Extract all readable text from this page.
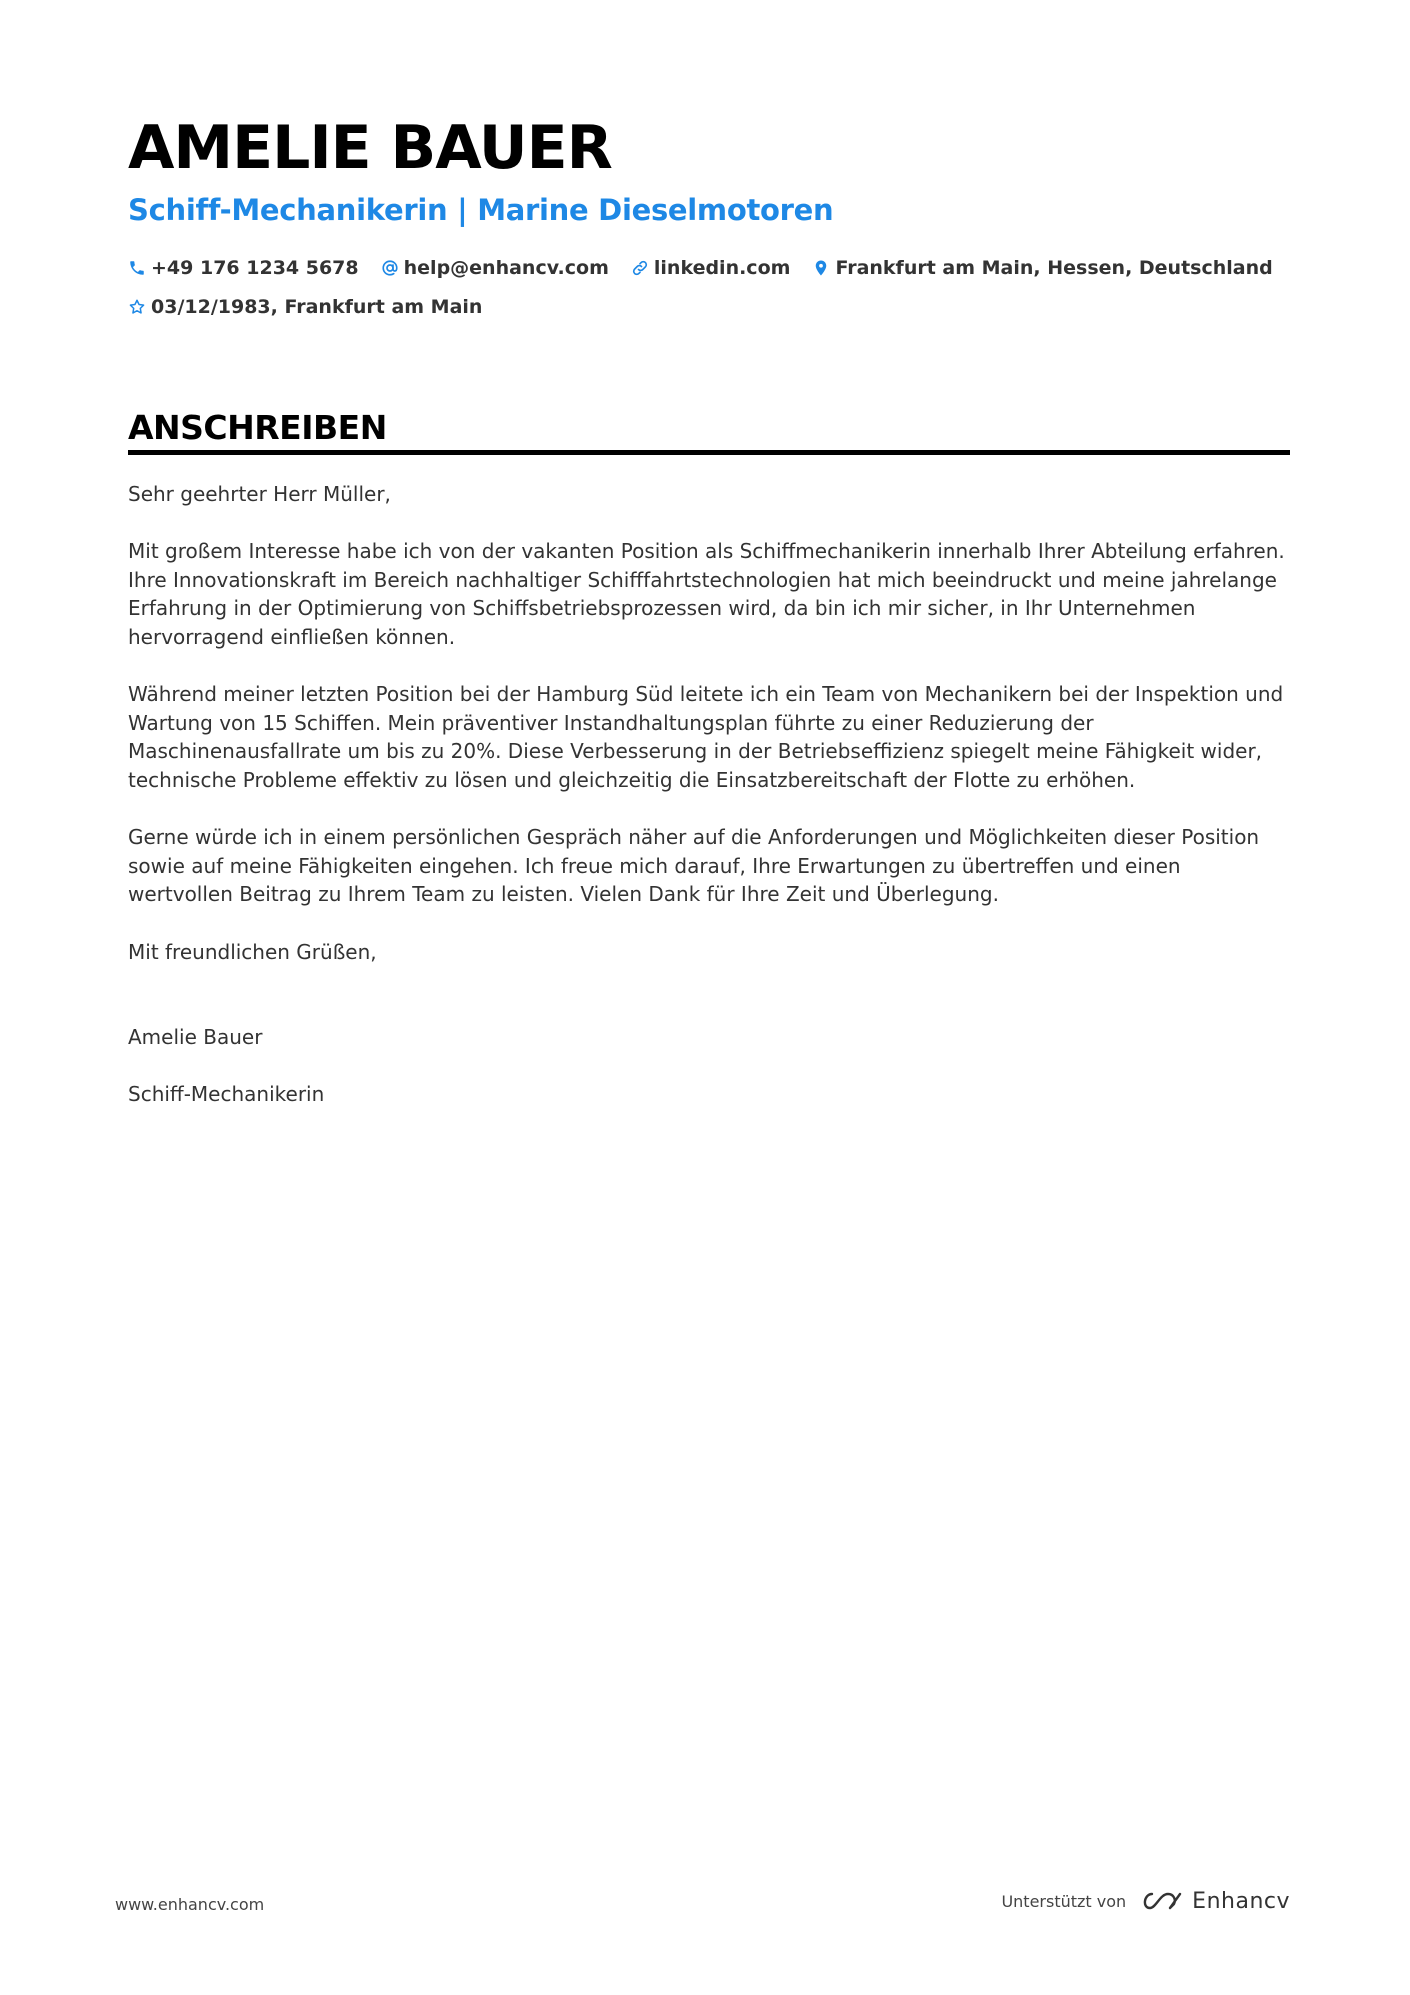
AMELIE BAUER
Schiff-Mechanikerin | Marine Dieselmotoren
+49 176 1234 5678 help@enhancv.com linkedin.com Frankfurt am Main, Hessen, Deutschland
03/12/1983, Frankfurt am Main
ANSCHREIBEN

Sehr geehrter Herr Müller,

Mit großem Interesse habe ich von der vakanten Position als Schiffmechanikerin innerhalb Ihrer Abteilung erfahren. Ihre Innovationskraft im Bereich nachhaltiger Schifffahrtstechnologien hat mich beeindruckt und meine jahrelange Erfahrung in der Optimierung von Schiffsbetriebsprozessen wird, da bin ich mir sicher, in Ihr Unternehmen hervorragend einfließen können.

Während meiner letzten Position bei der Hamburg Süd leitete ich ein Team von Mechanikern bei der Inspektion und Wartung von 15 Schiffen. Mein präventiver Instandhaltungsplan führte zu einer Reduzierung der Maschinenausfallrate um bis zu 20%. Diese Verbesserung in der Betriebseffizienz spiegelt meine Fähigkeit wider, technische Probleme effektiv zu lösen und gleichzeitig die Einsatzbereitschaft der Flotte zu erhöhen.

Gerne würde ich in einem persönlichen Gespräch näher auf die Anforderungen und Möglichkeiten dieser Position sowie auf meine Fähigkeiten eingehen. Ich freue mich darauf, Ihre Erwartungen zu übertreffen und einen wertvollen Beitrag zu Ihrem Team zu leisten. Vielen Dank für Ihre Zeit und Überlegung.

Mit freundlichen Grüßen,

Amelie Bauer

Schiff-Mechanikerin

www.enhancv.com	Unterstützt von	Enhancv
